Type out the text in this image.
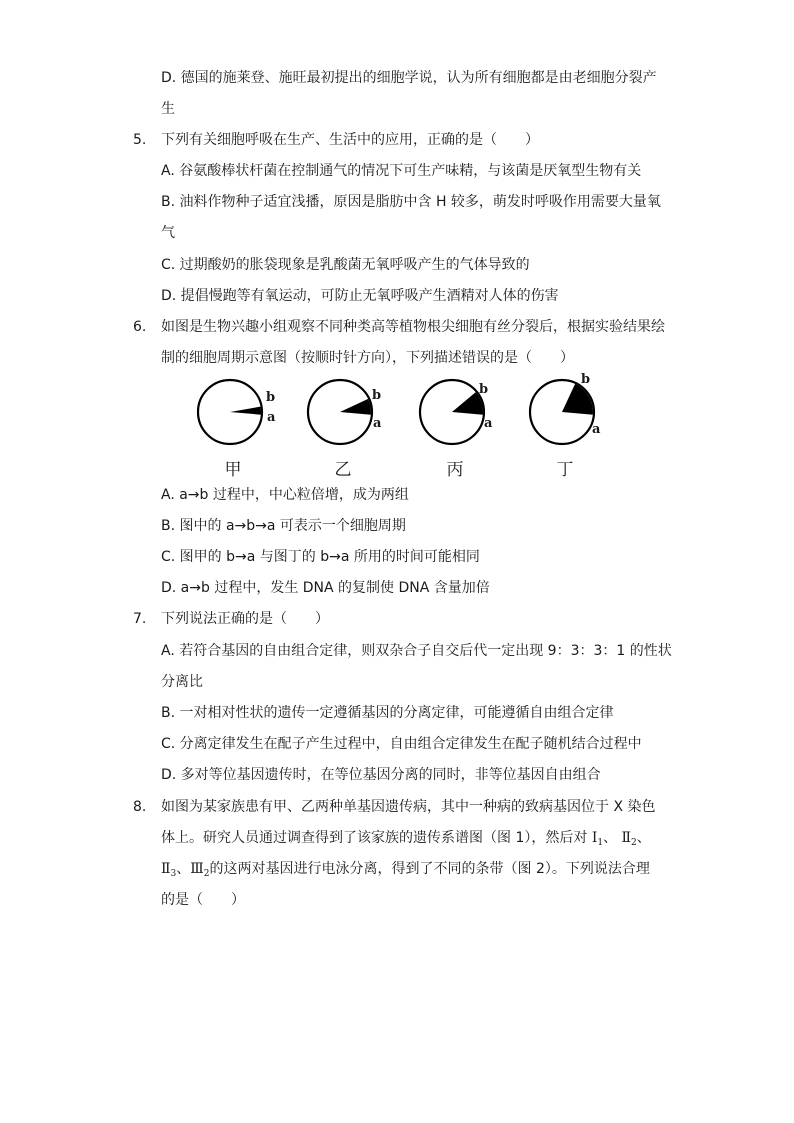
D. 德国的施莱登、施旺最初提出的细胞学说，认为所有细胞都是由老细胞分裂产
生
5. 下列有关细胞呼吸在生产、生活中的应用，正确的是（　　）
A. 谷氨酸棒状杆菌在控制通气的情况下可生产味精，与该菌是厌氧型生物有关
B. 油料作物种子适宜浅播，原因是脂肪中含 H 较多，萌发时呼吸作用需要大量氧
气
C. 过期酸奶的胀袋现象是乳酸菌无氧呼吸产生的气体导致的
D. 提倡慢跑等有氧运动，可防止无氧呼吸产生酒精对人体的伤害
6. 如图是生物兴趣小组观察不同种类高等植物根尖细胞有丝分裂后，根据实验结果绘
制的细胞周期示意图（按顺时针方向），下列描述错误的是（　　）
b
a
甲
b
a
乙
b
a
丙
b
a
丁
A. a→b 过程中，中心粒倍增，成为两组
B. 图中的 a→b→a 可表示一个细胞周期
C. 图甲的 b→a 与图丁的 b→a 所用的时间可能相同
D. a→b 过程中，发生 DNA 的复制使 DNA 含量加倍
7. 下列说法正确的是（　　）
A. 若符合基因的自由组合定律，则双杂合子自交后代一定出现 9：3：3：1 的性状
分离比
B. 一对相对性状的遗传一定遵循基因的分离定律，可能遵循自由组合定律
C. 分离定律发生在配子产生过程中，自由组合定律发生在配子随机结合过程中
D. 多对等位基因遗传时，在等位基因分离的同时，非等位基因自由组合
8. 如图为某家族患有甲、乙两种单基因遗传病，其中一种病的致病基因位于 X 染色
体上。研究人员通过调查得到了该家族的遗传系谱图（图 1），然后对 $Ⅰ_1$、 $Ⅱ_2$、
$Ⅱ_3$、$Ⅲ_2$的这两对基因进行电泳分离，得到了不同的条带（图 2）。下列说法合理
的是（　　）
